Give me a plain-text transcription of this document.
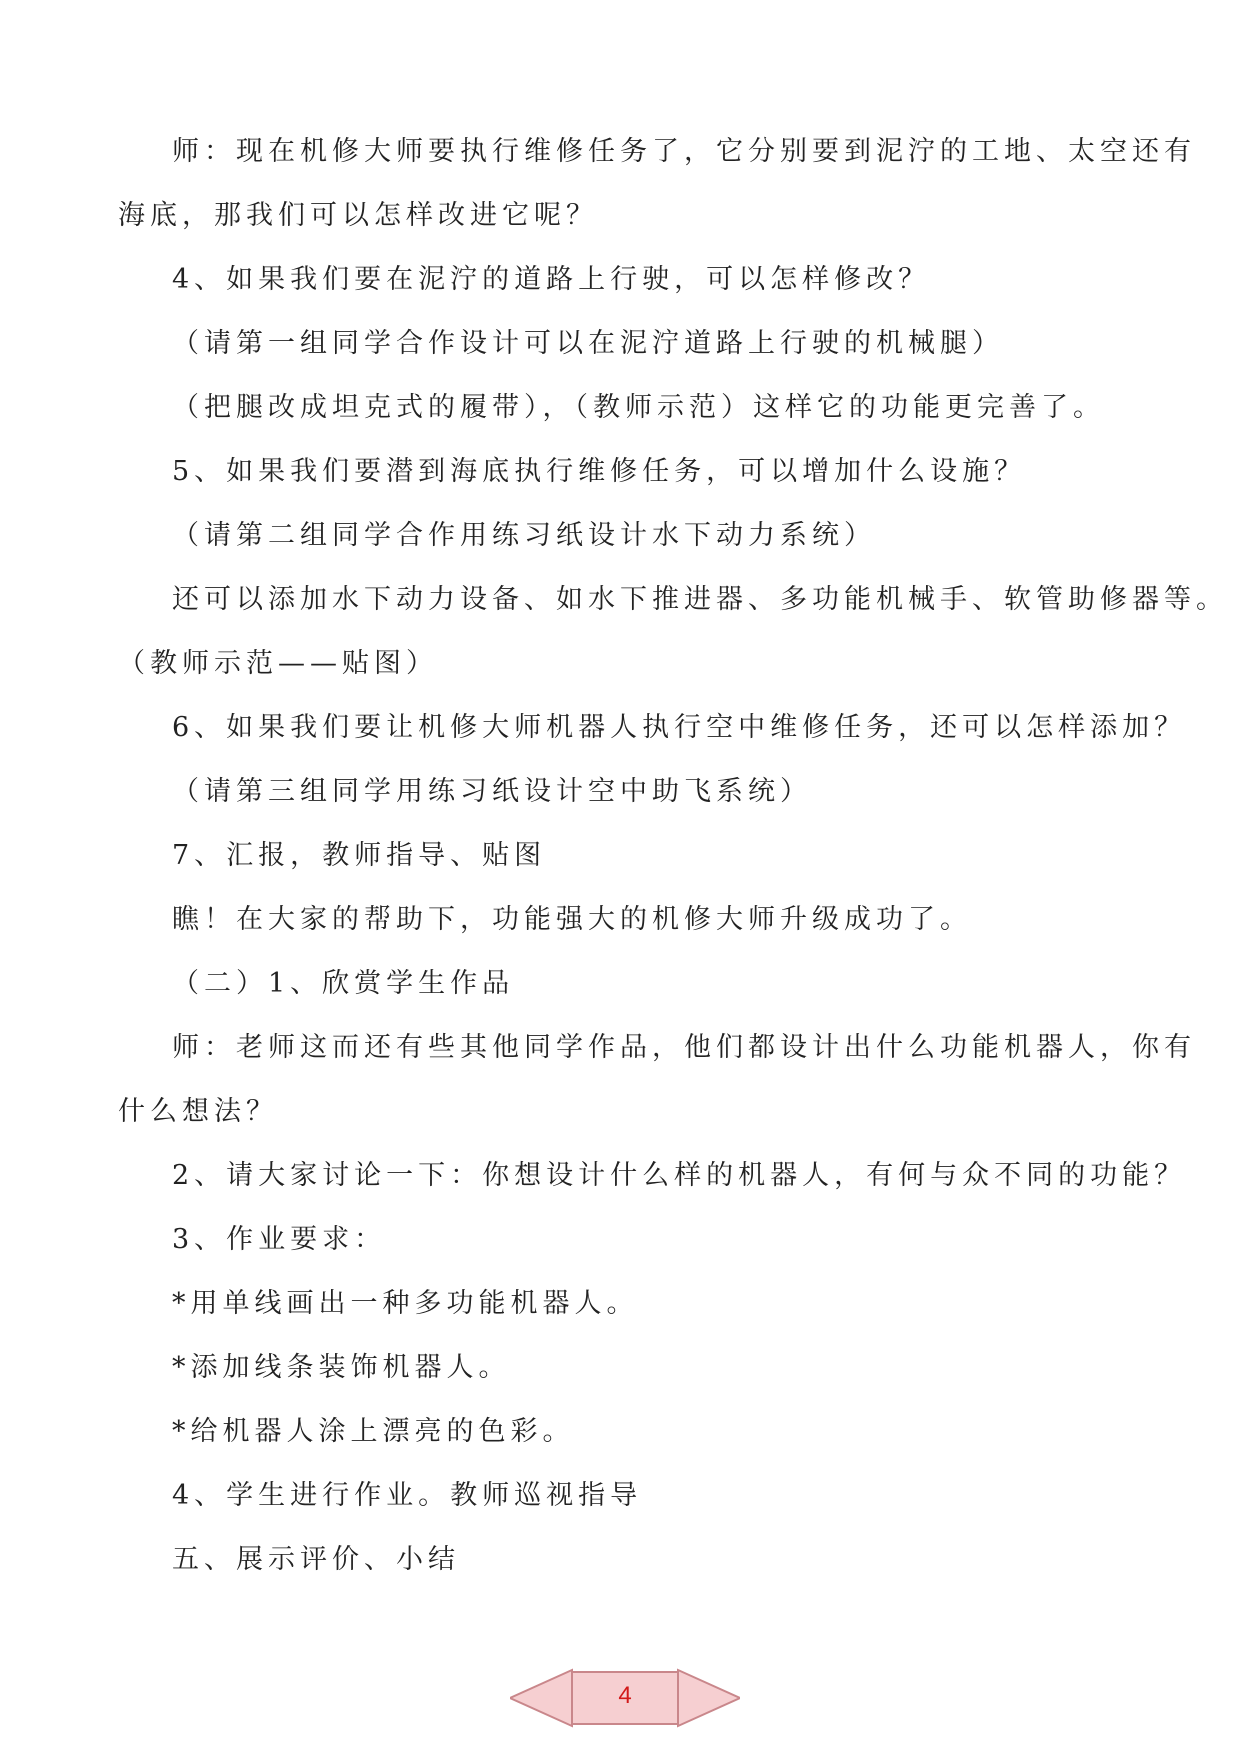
师：现在机修大师要执行维修任务了，它分别要到泥泞的工地、太空还有

海底，那我们可以怎样改进它呢？

4、如果我们要在泥泞的道路上行驶，可以怎样修改？

（请第一组同学合作设计可以在泥泞道路上行驶的机械腿）

（把腿改成坦克式的履带），（教师示范）这样它的功能更完善了。

5、如果我们要潜到海底执行维修任务，可以增加什么设施？

（请第二组同学合作用练习纸设计水下动力系统）

还可以添加水下动力设备、如水下推进器、多功能机械手、软管助修器等。

（教师示范——贴图）

6、如果我们要让机修大师机器人执行空中维修任务，还可以怎样添加？

（请第三组同学用练习纸设计空中助飞系统）

7、汇报，教师指导、贴图

瞧！在大家的帮助下，功能强大的机修大师升级成功了。

（二）1、欣赏学生作品

师：老师这而还有些其他同学作品，他们都设计出什么功能机器人，你有

什么想法？

2、请大家讨论一下：你想设计什么样的机器人，有何与众不同的功能？

3、作业要求：

*用单线画出一种多功能机器人。

*添加线条装饰机器人。

*给机器人涂上漂亮的色彩。

4、学生进行作业。教师巡视指导

五、展示评价、小结

4
